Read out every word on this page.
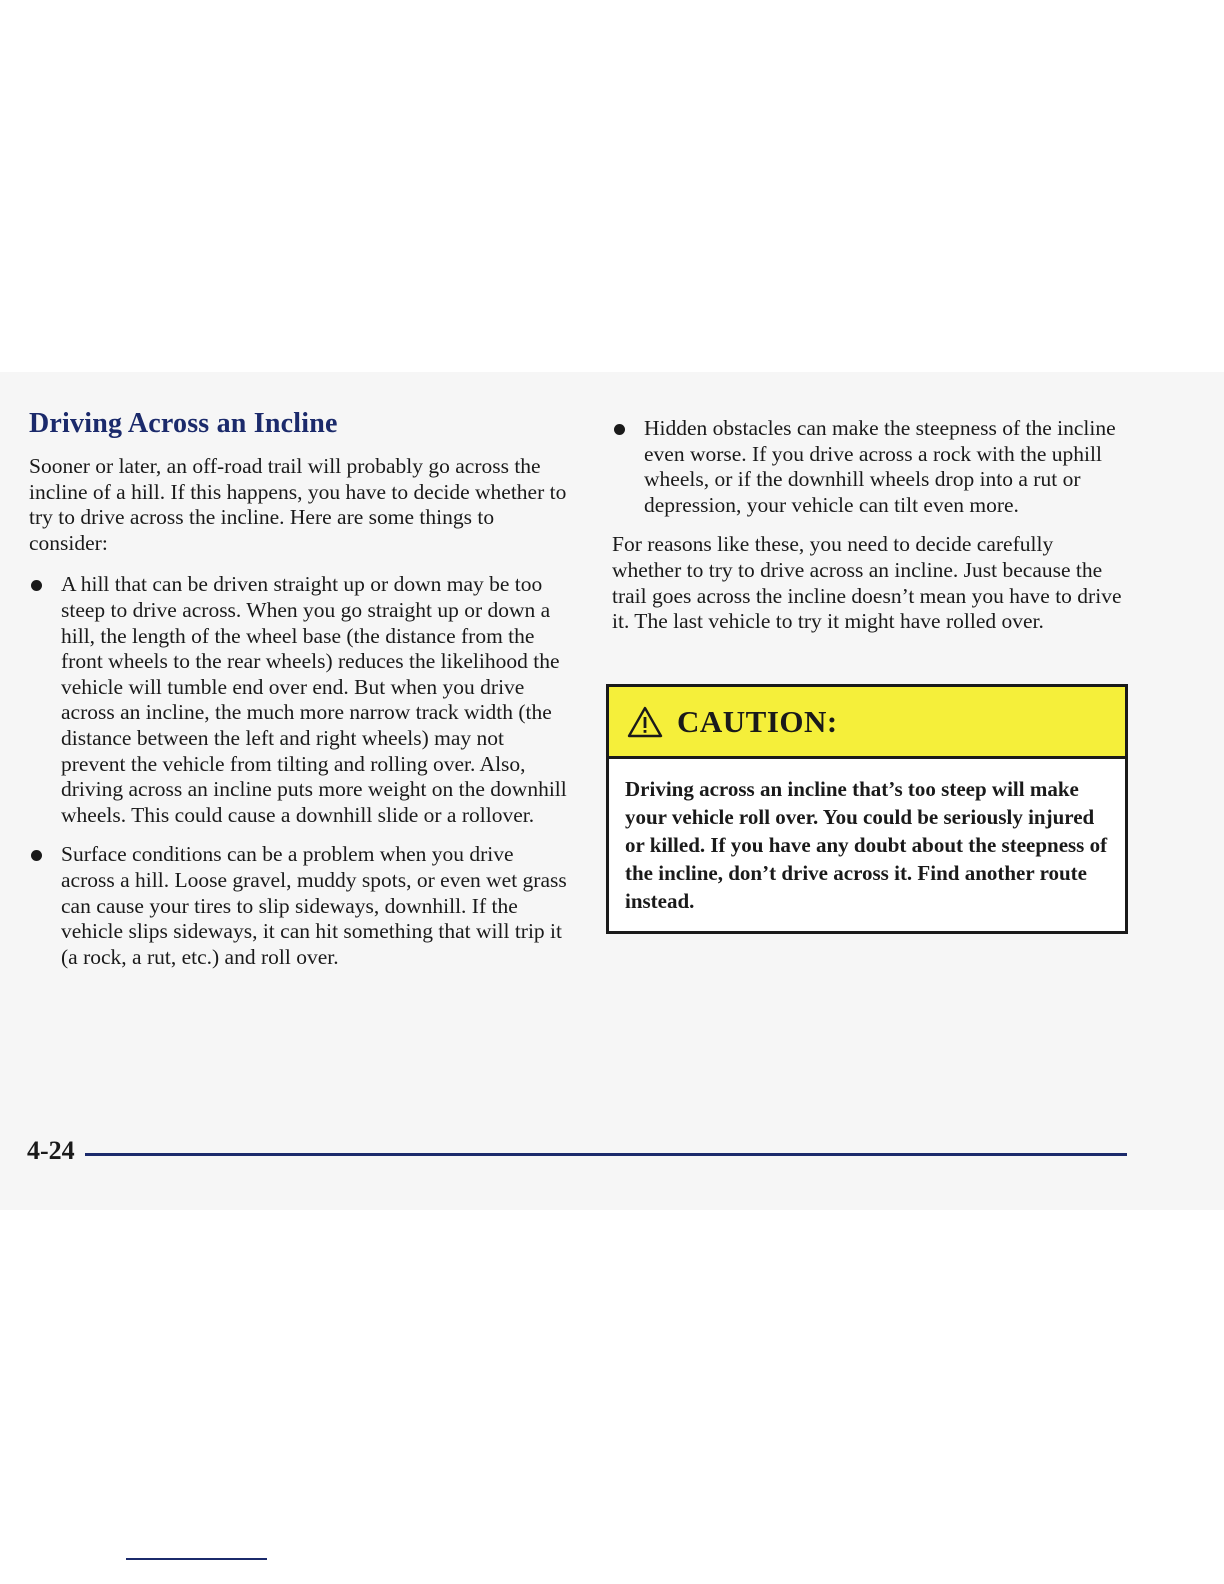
Driving Across an Incline

Sooner or later, an off-road trail will probably go across the incline of a hill. If this happens, you have to decide whether to try to drive across the incline. Here are some things to consider:

A hill that can be driven straight up or down may be too steep to drive across. When you go straight up or down a hill, the length of the wheel base (the distance from the front wheels to the rear wheels) reduces the likelihood the vehicle will tumble end over end. But when you drive across an incline, the much more narrow track width (the distance between the left and right wheels) may not prevent the vehicle from tilting and rolling over. Also, driving across an incline puts more weight on the downhill wheels. This could cause a downhill slide or a rollover.
Surface conditions can be a problem when you drive across a hill. Loose gravel, muddy spots, or even wet grass can cause your tires to slip sideways, downhill. If the vehicle slips sideways, it can hit something that will trip it (a rock, a rut, etc.) and roll over.
Hidden obstacles can make the steepness of the incline even worse. If you drive across a rock with the uphill wheels, or if the downhill wheels drop into a rut or depression, your vehicle can tilt even more.

For reasons like these, you need to decide carefully whether to try to drive across an incline. Just because the trail goes across the incline doesn’t mean you have to drive it. The last vehicle to try it might have rolled over.

CAUTION:
Driving across an incline that’s too steep will make your vehicle roll over. You could be seriously injured or killed. If you have any doubt about the steepness of the incline, don’t drive across it. Find another route instead.
4-24
